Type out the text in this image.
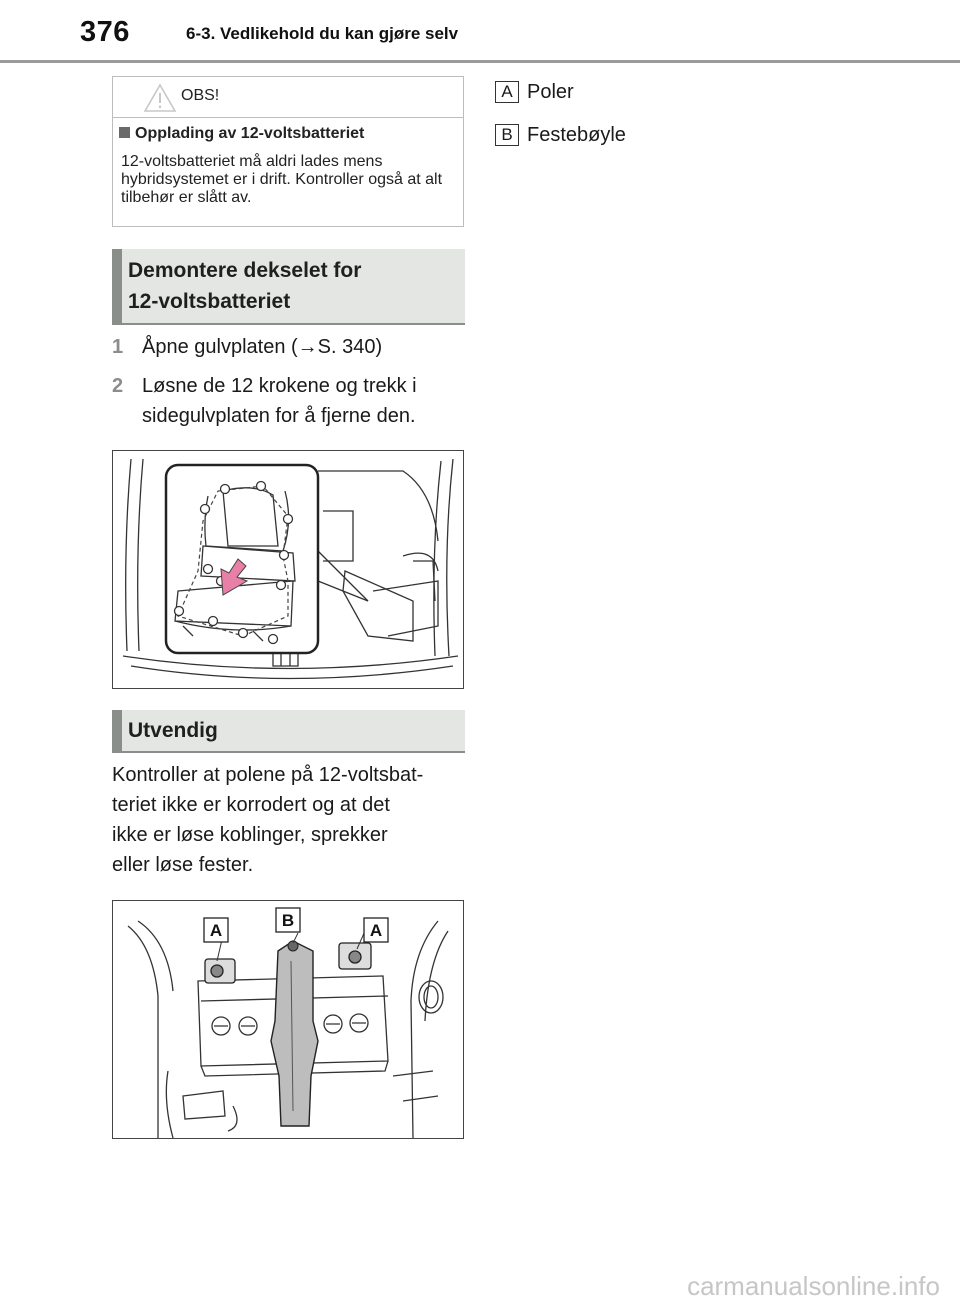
376	6-3. Vedlikehold du kan gjøre selv
OBS!
Opplading av 12-voltsbatteriet
12-voltsbatteriet må aldri lades mens hybridsystemet er i drift. Kontroller også at alt tilbehør er slått av.
Demontere dekselet for
12-voltsbatteriet
1 Åpne gulvplaten (→S. 340)
2 Løsne de 12 krokene og trekk i
sidegulvplaten for å fjerne den.
Utvendig
Kontroller at polene på 12-voltsbat-
teriet ikke er korrodert og at det
ikke er løse koblinger, sprekker
eller løse fester.
A
B
A
A Poler
B Festebøyle
carmanualsonline.info
